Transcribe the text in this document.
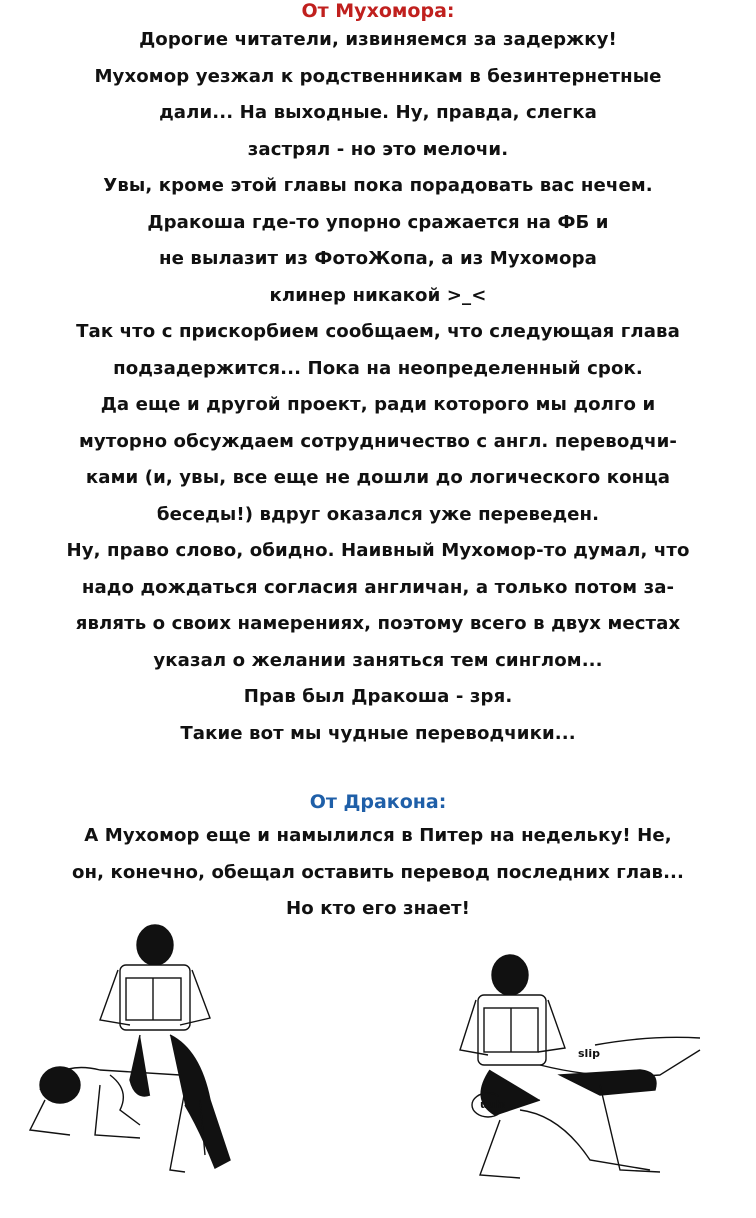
От Мухомора:

Дорогие читатели, извиняемся за задержку!

Мухомор уезжал к родственникам в безинтернетные

дали... На выходные. Ну, правда, слегка

застрял - но это мелочи.

Увы, кроме этой главы пока порадовать вас нечем.

Дракоша где-то упорно сражается на ФБ и

не вылазит из ФотоЖопа, а из Мухомора

клинер никакой >_<

Так что с прискорбием сообщаем, что следующая глава

подзадержится... Пока на неопределенный срок.

Да еще и другой проект, ради которого мы долго и

муторно обсуждаем сотрудничество с англ. переводчи-

ками (и, увы, все еще не дошли до логического конца

беседы!) вдруг оказался уже переведен.

Ну, право слово, обидно. Наивный Мухомор-то думал, что

надо дождаться согласия англичан, а только потом за-

являть о своих намерениях, поэтому всего в двух местах

указал о желании заняться тем синглом...

Прав был Дракоша - зря.

Такие вот мы чудные переводчики...

От Дракона:

А Мухомор еще и намылился в Питер на недельку! Не,

он, конечно, обещал оставить перевод последних глав...

Но кто его знает!

slip
uuh
